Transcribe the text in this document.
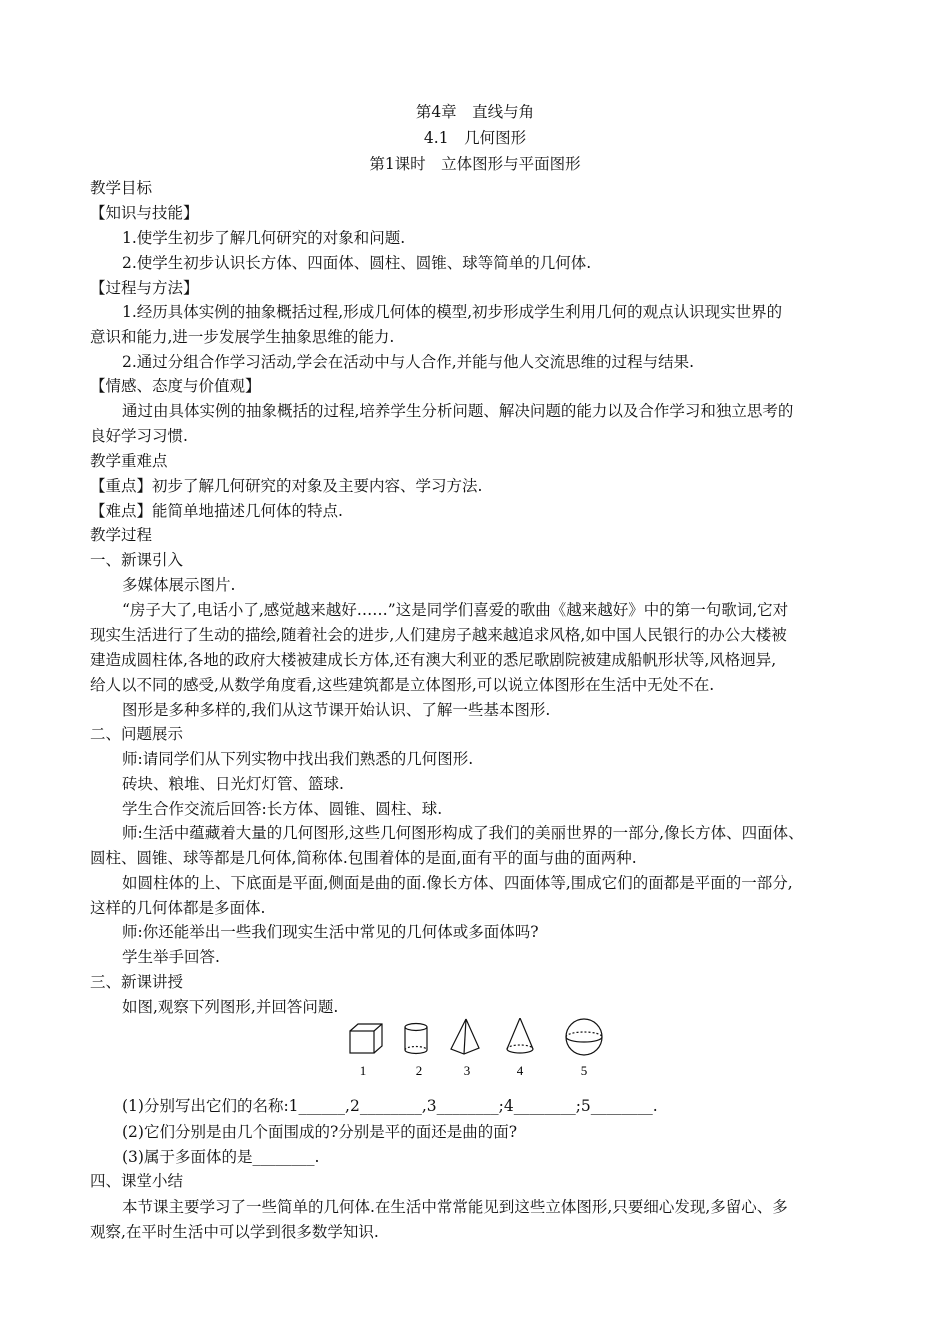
第4章　直线与角
4.1　几何图形
第1课时　立体图形与平面图形
教学目标
【知识与技能】
1.使学生初步了解几何研究的对象和问题.
2.使学生初步认识长方体、四面体、圆柱、圆锥、球等简单的几何体.
【过程与方法】
1.经历具体实例的抽象概括过程,形成几何体的模型,初步形成学生利用几何的观点认识现实世界的
意识和能力,进一步发展学生抽象思维的能力.
2.通过分组合作学习活动,学会在活动中与人合作,并能与他人交流思维的过程与结果.
【情感、态度与价值观】
通过由具体实例的抽象概括的过程,培养学生分析问题、解决问题的能力以及合作学习和独立思考的
良好学习习惯.
教学重难点
【重点】初步了解几何研究的对象及主要内容、学习方法.
【难点】能简单地描述几何体的特点.
教学过程
一、新课引入
多媒体展示图片.
“房子大了,电话小了,感觉越来越好……”这是同学们喜爱的歌曲《越来越好》中的第一句歌词,它对
现实生活进行了生动的描绘,随着社会的进步,人们建房子越来越追求风格,如中国人民银行的办公大楼被
建造成圆柱体,各地的政府大楼被建成长方体,还有澳大利亚的悉尼歌剧院被建成船帆形状等,风格迥异,
给人以不同的感受,从数学角度看,这些建筑都是立体图形,可以说立体图形在生活中无处不在.
图形是多种多样的,我们从这节课开始认识、了解一些基本图形.
二、问题展示
师:请同学们从下列实物中找出我们熟悉的几何图形.
砖块、粮堆、日光灯灯管、篮球.
学生合作交流后回答:长方体、圆锥、圆柱、球.
师:生活中蕴藏着大量的几何图形,这些几何图形构成了我们的美丽世界的一部分,像长方体、四面体、
圆柱、圆锥、球等都是几何体,简称体.包围着体的是面,面有平的面与曲的面两种.
如圆柱体的上、下底面是平面,侧面是曲的面.像长方体、四面体等,围成它们的面都是平面的一部分,
这样的几何体都是多面体.
师:你还能举出一些我们现实生活中常见的几何体或多面体吗?
学生举手回答.
三、新课讲授
如图,观察下列图形,并回答问题.
1	2	3	4	5
(1)分别写出它们的名称:1______,2________,3________;4________;5________.
(2)它们分别是由几个面围成的?分别是平的面还是曲的面?
(3)属于多面体的是________.
四、课堂小结
本节课主要学习了一些简单的几何体.在生活中常常能见到这些立体图形,只要细心发现,多留心、多
观察,在平时生活中可以学到很多数学知识.
